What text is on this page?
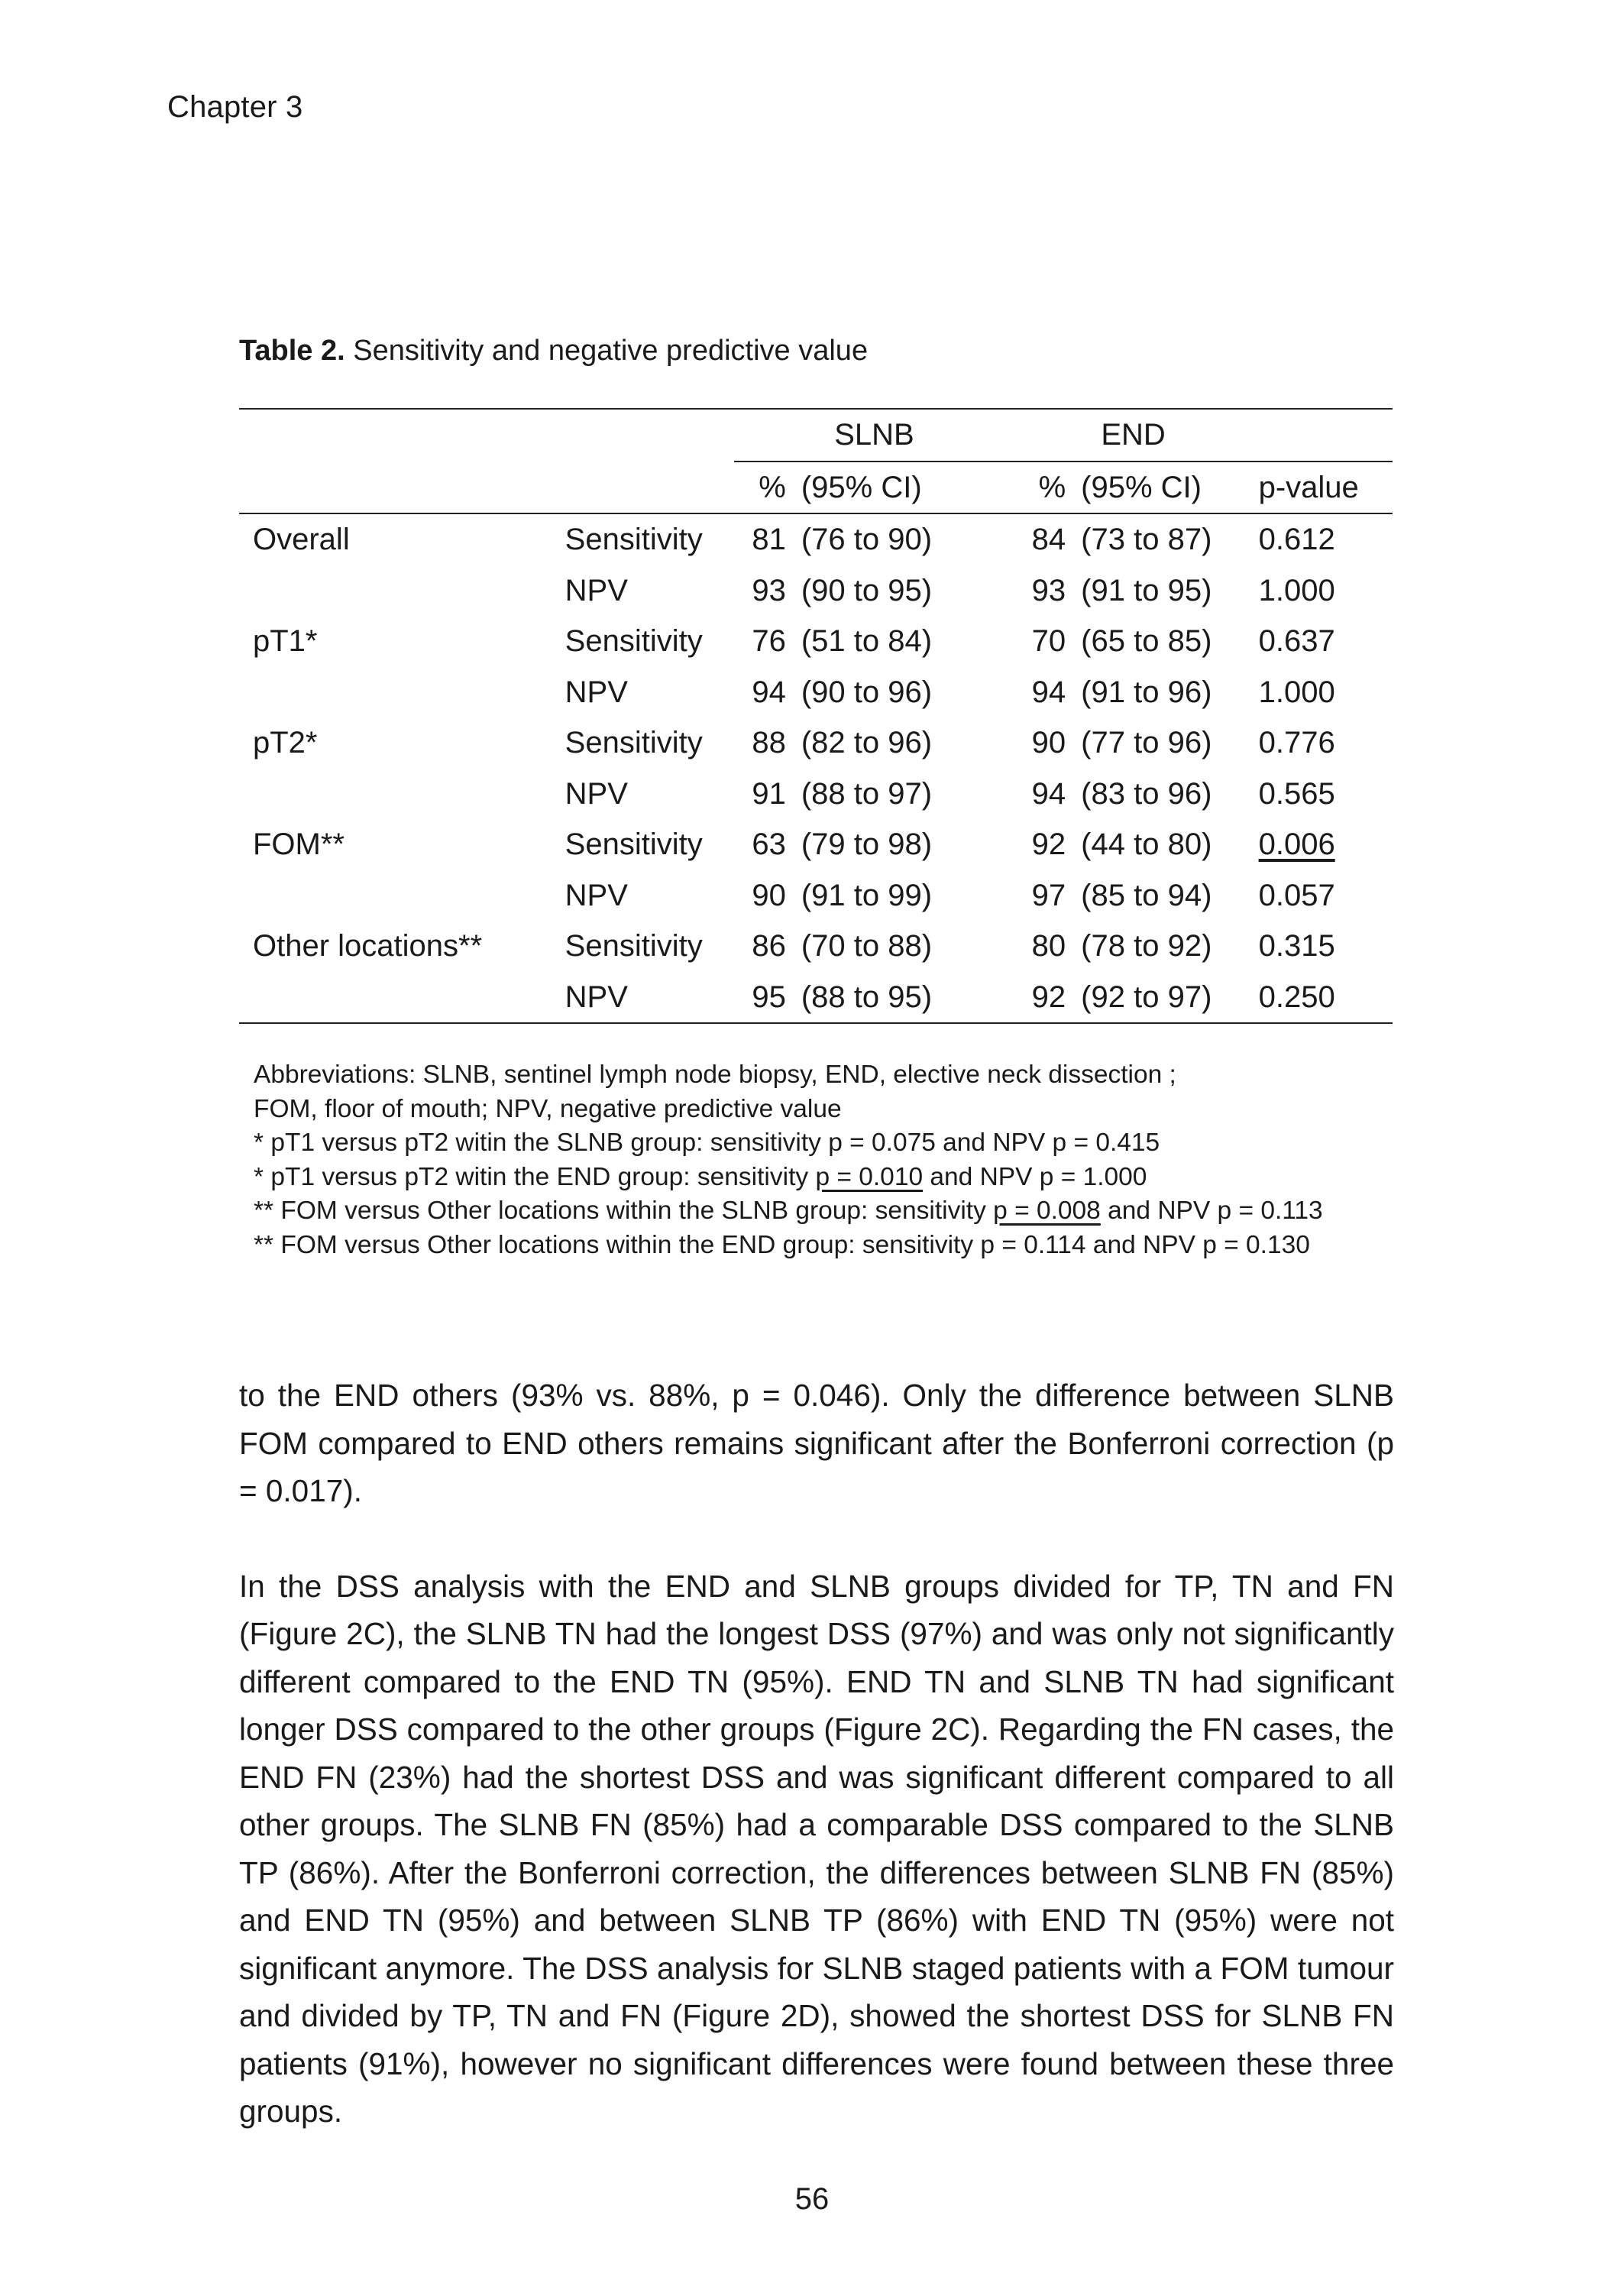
Chapter 3
Table 2. Sensitivity and negative predictive value
		SLNB		END		
		%	(95% CI)	%	(95% CI)	p-value
Overall	Sensitivity	81	(76 to 90)	84	(73 to 87)	0.612
	NPV	93	(90 to 95)	93	(91 to 95)	1.000
pT1*	Sensitivity	76	(51 to 84)	70	(65 to 85)	0.637
	NPV	94	(90 to 96)	94	(91 to 96)	1.000
pT2*	Sensitivity	88	(82 to 96)	90	(77 to 96)	0.776
	NPV	91	(88 to 97)	94	(83 to 96)	0.565
FOM**	Sensitivity	63	(79 to 98)	92	(44 to 80)	0.006
	NPV	90	(91 to 99)	97	(85 to 94)	0.057
Other locations**	Sensitivity	86	(70 to 88)	80	(78 to 92)	0.315
	NPV	95	(88 to 95)	92	(92 to 97)	0.250
Abbreviations: SLNB, sentinel lymph node biopsy, END, elective neck dissection ;
FOM, floor of mouth; NPV, negative predictive value
* pT1 versus pT2 witin the SLNB group: sensitivity p = 0.075 and NPV p = 0.415
* pT1 versus pT2 witin the END group: sensitivity p = 0.010 and NPV p = 1.000
** FOM versus Other locations within the SLNB group: sensitivity p = 0.008 and NPV p = 0.113
** FOM versus Other locations within the END group: sensitivity p = 0.114 and NPV p = 0.130

to the END others (93% vs. 88%, p = 0.046). Only the difference between SLNB FOM compared to END others remains significant after the Bonferroni correction (p = 0.017).

In the DSS analysis with the END and SLNB groups divided for TP, TN and FN (Figure 2C), the SLNB TN had the longest DSS (97%) and was only not significantly different compared to the END TN (95%). END TN and SLNB TN had significant longer DSS compared to the other groups (Figure 2C). Regarding the FN cases, the END FN (23%) had the shortest DSS and was significant different compared to all other groups. The SLNB FN (85%) had a comparable DSS compared to the SLNB TP (86%). After the Bonferroni correction, the differences between SLNB FN (85%) and END TN (95%) and between SLNB TP (86%) with END TN (95%) were not significant anymore. The DSS analysis for SLNB staged patients with a FOM tumour and divided by TP, TN and FN (Figure 2D), showed the shortest DSS for SLNB FN patients (91%), however no significant differences were found between these three groups.

56
